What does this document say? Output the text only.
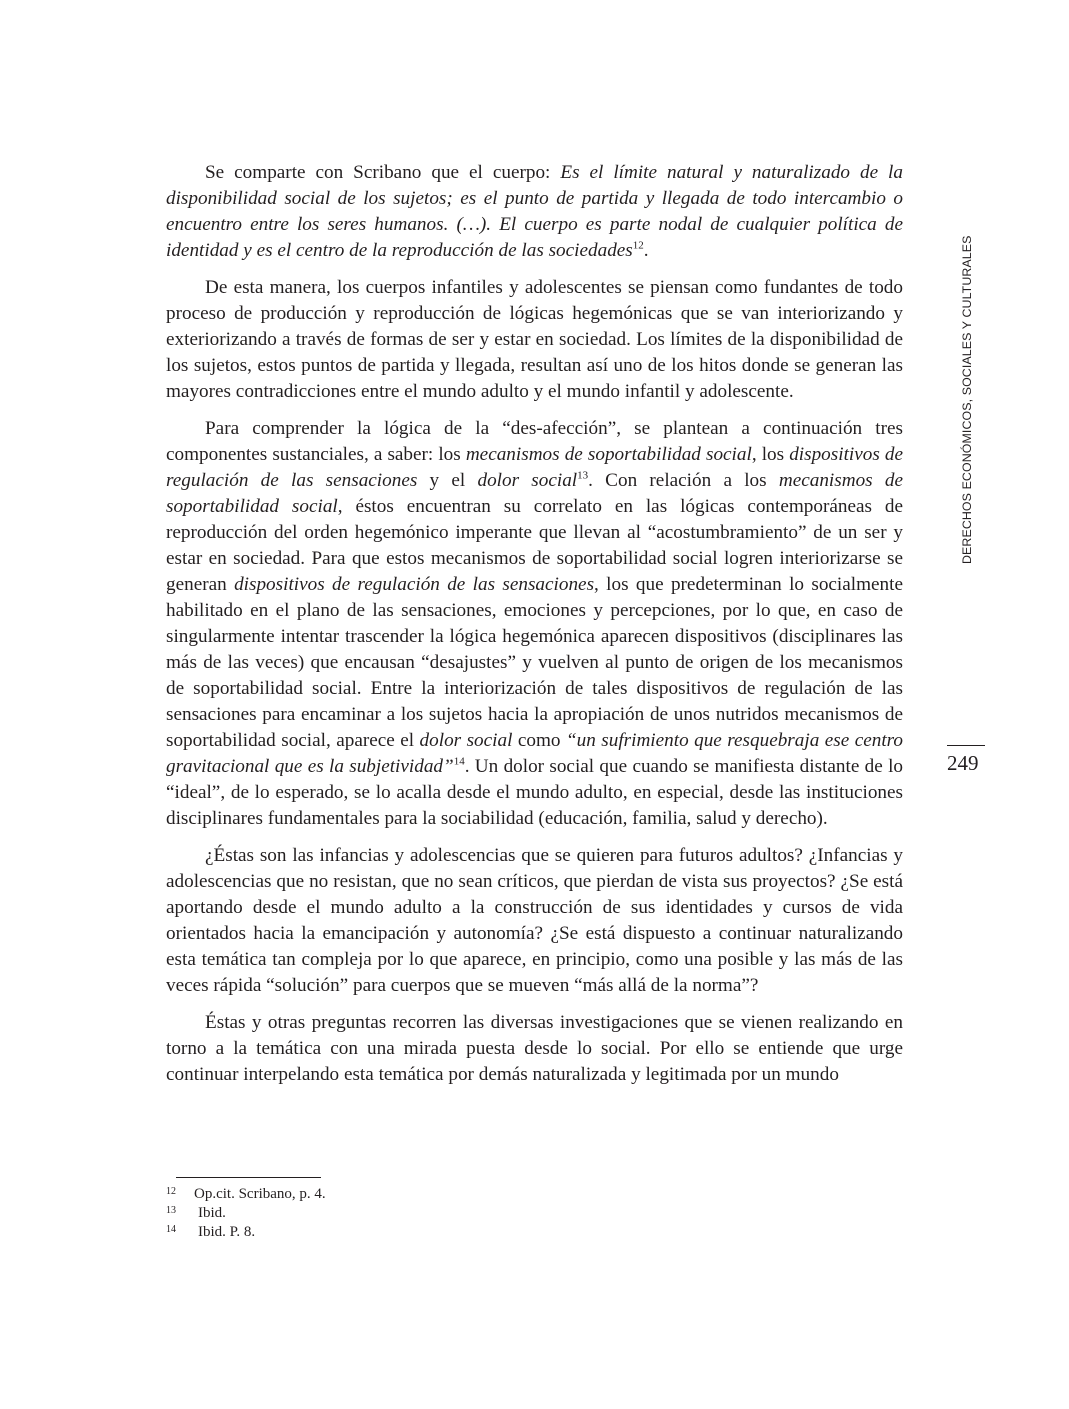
Se comparte con Scribano que el cuerpo: Es el límite natural y naturalizado de la disponibilidad social de los sujetos; es el punto de partida y llegada de todo intercambio o encuentro entre los seres humanos. (…). El cuerpo es parte nodal de cualquier política de identidad y es el centro de la reproducción de las sociedades$^{12}$.

De esta manera, los cuerpos infantiles y adolescentes se piensan como fundantes de todo proceso de producción y reproducción de lógicas hegemónicas que se van interiorizando y exteriorizando a través de formas de ser y estar en sociedad. Los límites de la disponibilidad de los sujetos, estos puntos de partida y llegada, resultan así uno de los hitos donde se generan las mayores contradicciones entre el mundo adulto y el mundo infantil y adolescente.

Para comprender la lógica de la “des-afección”, se plantean a continuación tres componentes sustanciales, a saber: los mecanismos de soportabilidad social, los dispositivos de regulación de las sensaciones y el dolor social$^{13}$. Con relación a los mecanismos de soportabilidad social, éstos encuentran su correlato en las lógicas contemporáneas de reproducción del orden hegemónico imperante que llevan al “acostumbramiento” de un ser y estar en sociedad. Para que estos mecanismos de soportabilidad social logren interiorizarse se generan dispositivos de regulación de las sensaciones, los que predeterminan lo socialmente habilitado en el plano de las sensaciones, emociones y percepciones, por lo que, en caso de singularmente intentar trascender la lógica hegemónica aparecen dispositivos (disciplinares las más de las veces) que encausan “desajustes” y vuelven al punto de origen de los mecanismos de soportabilidad social. Entre la interiorización de tales dispositivos de regulación de las sensaciones para encaminar a los sujetos hacia la apropiación de unos nutridos mecanismos de soportabilidad social, aparece el dolor social como “un sufrimiento que resquebraja ese centro gravitacional que es la subjetividad”$^{14}$. Un dolor social que cuando se manifiesta distante de lo “ideal”, de lo esperado, se lo acalla desde el mundo adulto, en especial, desde las instituciones disciplinares fundamentales para la sociabilidad (educación, familia, salud y derecho).

¿Éstas son las infancias y adolescencias que se quieren para futuros adultos? ¿Infancias y adolescencias que no resistan, que no sean críticos, que pierdan de vista sus proyectos? ¿Se está aportando desde el mundo adulto a la construcción de sus identidades y cursos de vida orientados hacia la emancipación y autonomía? ¿Se está dispuesto a continuar naturalizando esta temática tan compleja por lo que aparece, en principio, como una posible y las más de las veces rápida “solución” para cuerpos que se mueven “más allá de la norma”?

Éstas y otras preguntas recorren las diversas investigaciones que se vienen realizando en torno a la temática con una mirada puesta desde lo social. Por ello se entiende que urge continuar interpelando esta temática por demás naturalizada y legitimada por un mundo

DERECHOS ECONÓMICOS, SOCIALES Y CULTURALES
249
12 Op.cit. Scribano, p. 4.
13 Ibid.
14 Ibid. P. 8.
